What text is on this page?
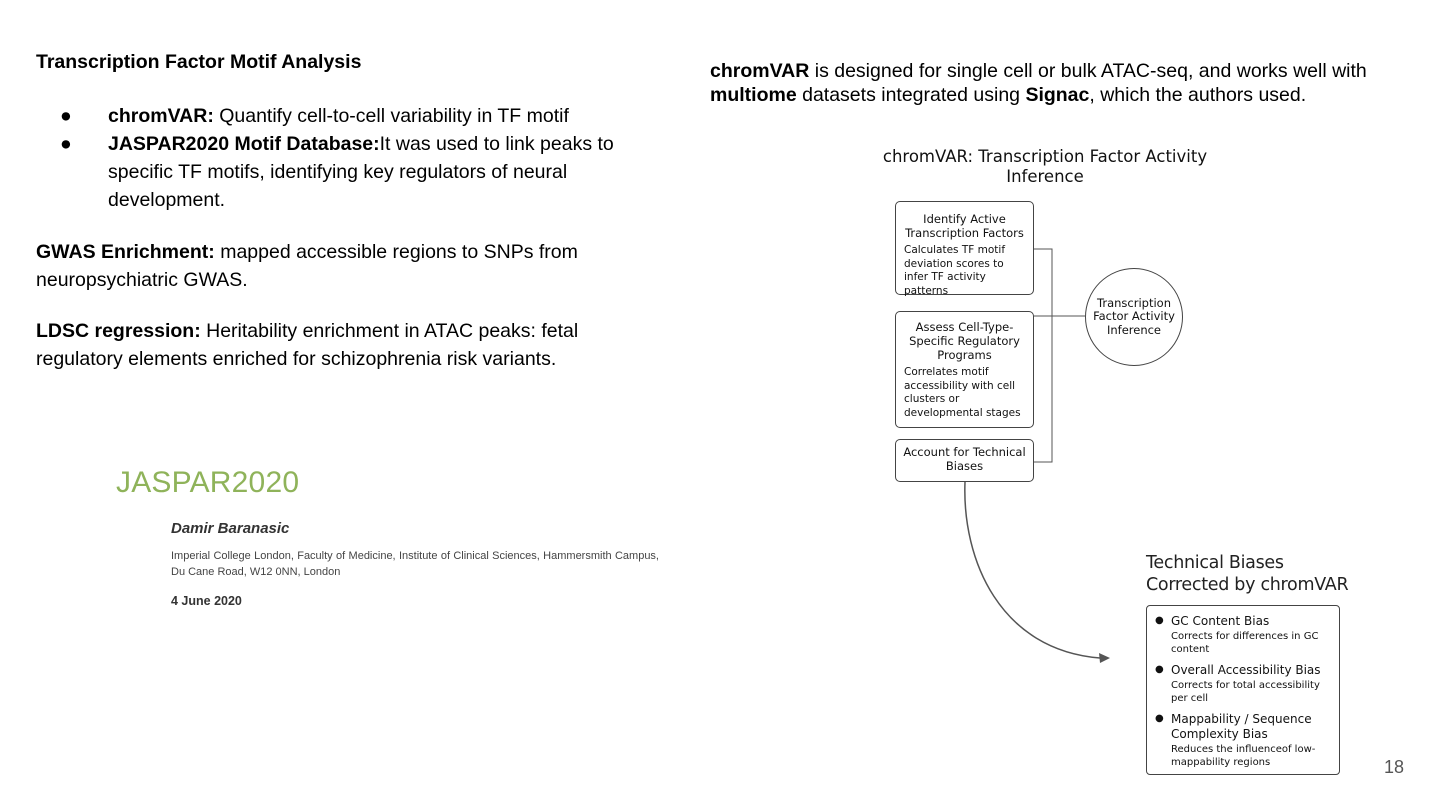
Transcription Factor Motif Analysis
●	chromVAR: Quantify cell-to-cell variability in TF motif
●	JASPAR2020 Motif Database:It was used to link peaks to specific TF motifs, identifying key regulators of neural development.
GWAS Enrichment: mapped accessible regions to SNPs from neuropsychiatric GWAS.
LDSC regression: Heritability enrichment in ATAC peaks: fetal regulatory elements enriched for schizophrenia risk variants.
JASPAR2020
Damir Baranasic
Imperial College London, Faculty of Medicine, Institute of Clinical Sciences, Hammersmith Campus, Du Cane Road, W12 0NN, London
4 June 2020
chromVAR is designed for single cell or bulk ATAC-seq, and works well with multiome datasets integrated using Signac, which the authors used.
chromVAR: Transcription Factor Activity Inference
Identify Active Transcription Factors
Calculates TF motif deviation scores to infer TF activity patterns
Assess Cell-Type-Specific Regulatory Programs
Correlates motif accessibility with cell clusters or developmental stages
Account for Technical Biases
Transcription Factor Activity Inference
Technical Biases Corrected by chromVAR
● GC Content Bias
Corrects for differences in GC content
● Overall Accessibility Bias
Corrects for total accessibility per cell
● Mappability / Sequence Complexity Bias
Reduces the influenceof low-mappability regions	18
